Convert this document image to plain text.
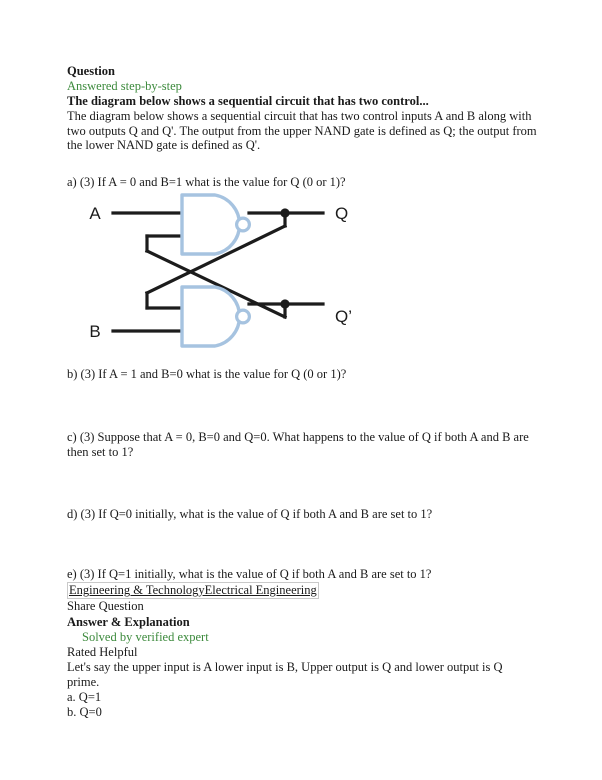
Question
Answered step-by-step
The diagram below shows a sequential circuit that has two control...
The diagram below shows a sequential circuit that has two control inputs A and B along with two outputs Q and Q'. The output from the upper NAND gate is defined as Q; the output from the lower NAND gate is defined as Q'.
a) (3) If A = 0 and B=1 what is the value for Q (0 or 1)?
A
B
Q
Q’
b) (3) If A = 1 and B=0 what is the value for Q (0 or 1)?
c) (3) Suppose that A = 0, B=0 and Q=0. What happens to the value of Q if both A and B are then set to 1?
d) (3) If Q=0 initially, what is the value of Q if both A and B are set to 1?
e) (3) If Q=1 initially, what is the value of Q if both A and B are set to 1?
Engineering & TechnologyElectrical Engineering
Share Question
Answer & Explanation
Solved by verified expert
Rated Helpful
Let's say the upper input is A lower input is B, Upper output is Q and lower output is Q prime.
a. Q=1
b. Q=0
